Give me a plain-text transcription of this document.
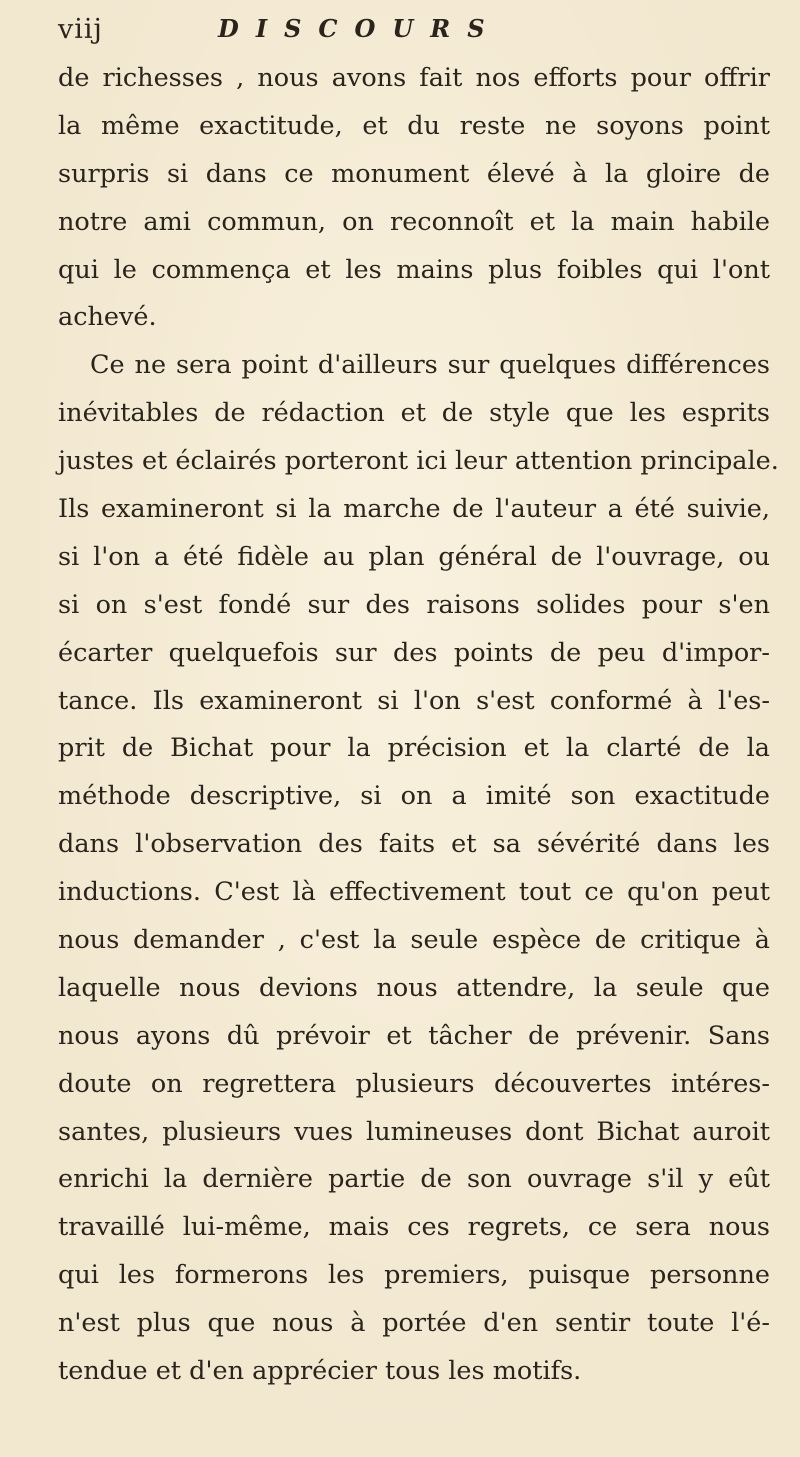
viij	DISCOURS
de richesses , nous avons fait nos efforts pour offrir
la même exactitude, et du reste ne soyons point
surpris si dans ce monument élevé à la gloire de
notre ami commun, on reconnoît et la main habile
qui le commença et les mains plus foibles qui l'ont
achevé.
Ce ne sera point d'ailleurs sur quelques différences
inévitables de rédaction et de style que les esprits
justes et éclairés porteront ici leur attention principale.
Ils examineront si la marche de l'auteur a été suivie,
si l'on a été fidèle au plan général de l'ouvrage, ou
si on s'est fondé sur des raisons solides pour s'en
écarter quelquefois sur des points de peu d'impor-
tance. Ils examineront si l'on s'est conformé à l'es-
prit de Bichat pour la précision et la clarté de la
méthode descriptive, si on a imité son exactitude
dans l'observation des faits et sa sévérité dans les
inductions. C'est là effectivement tout ce qu'on peut
nous demander , c'est la seule espèce de critique à
laquelle nous devions nous attendre, la seule que
nous ayons dû prévoir et tâcher de prévenir. Sans
doute on regrettera plusieurs découvertes intéres-
santes, plusieurs vues lumineuses dont Bichat auroit
enrichi la dernière partie de son ouvrage s'il y eût
travaillé lui-même, mais ces regrets, ce sera nous
qui les formerons les premiers, puisque personne
n'est plus que nous à portée d'en sentir toute l'é-
tendue et d'en apprécier tous les motifs.
